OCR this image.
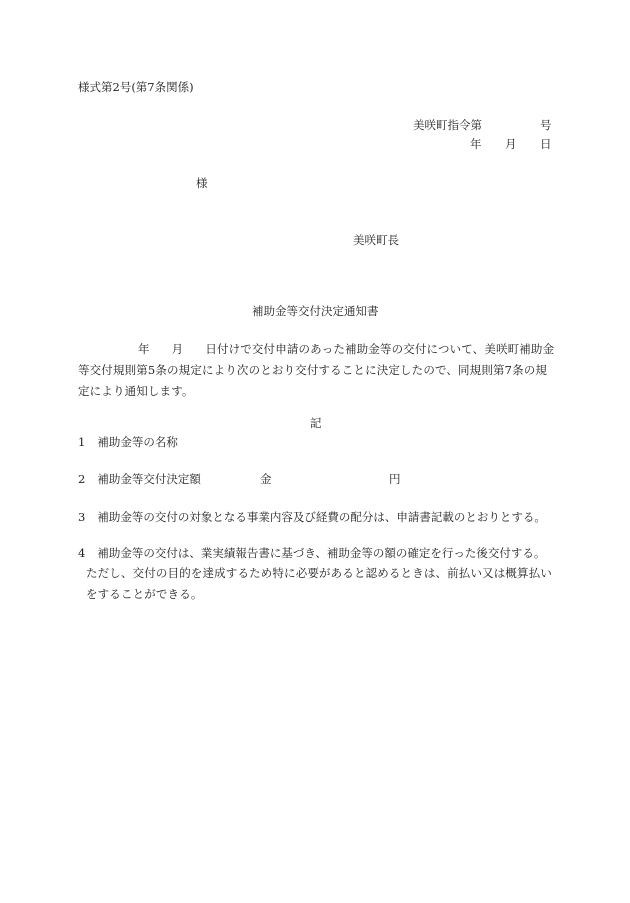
様式第2号(第7条関係)
美咲町指令第	号
年 月 日
様
美咲町長
補助金等交付決定通知書
年 月 日付けで交付申請のあった補助金等の交付について、美咲町補助金等交付規則第5条の規定により次のとおり交付することに決定したので、同規則第7条の規定により通知します。
記
1 補助金等の名称
2 補助金等交付決定額	金	円
3 補助金等の交付の対象となる事業内容及び経費の配分は、申請書記載のとおりとする。
4 補助金等の交付は、業実績報告書に基づき、補助金等の額の確定を行った後交付する。
ただし、交付の目的を達成するため特に必要があると認めるときは、前払い又は概算払いをすることができる。
